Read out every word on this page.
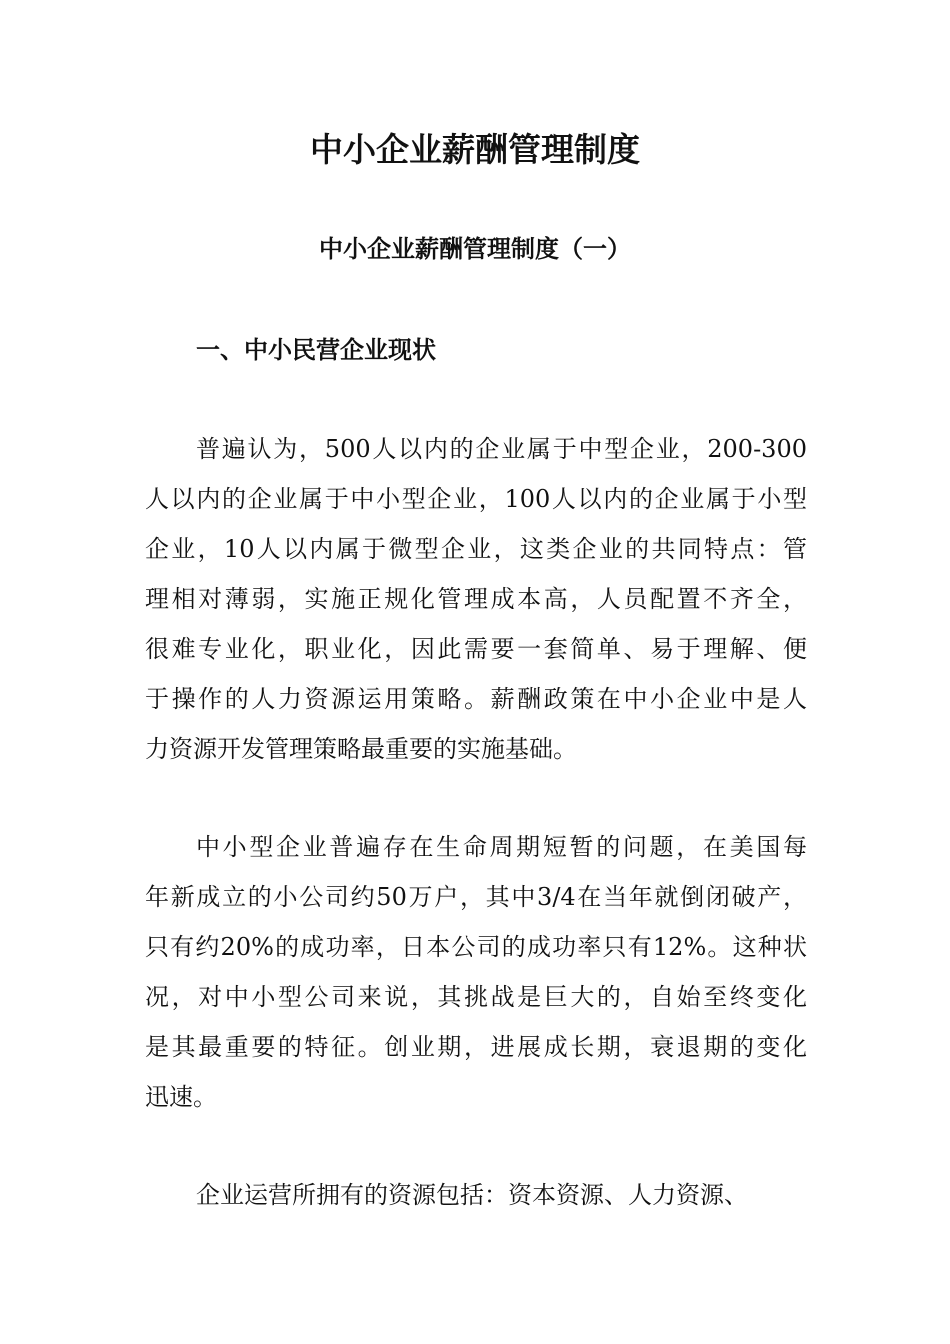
中小企业薪酬管理制度
中小企业薪酬管理制度（一）
一、中小民营企业现状
普遍认为，500人以内的企业属于中型企业，200-300
人以内的企业属于中小型企业，100人以内的企业属于小型
企业，10人以内属于微型企业，这类企业的共同特点：管
理相对薄弱，实施正规化管理成本高，人员配置不齐全，
很难专业化，职业化，因此需要一套简单、易于理解、便
于操作的人力资源运用策略。薪酬政策在中小企业中是人
力资源开发管理策略最重要的实施基础。
中小型企业普遍存在生命周期短暂的问题，在美国每
年新成立的小公司约50万户，其中3/4在当年就倒闭破产，
只有约20%的成功率，日本公司的成功率只有12%。这种状
况，对中小型公司来说，其挑战是巨大的，自始至终变化
是其最重要的特征。创业期，进展成长期，衰退期的变化
迅速。
企业运营所拥有的资源包括：资本资源、人力资源、
